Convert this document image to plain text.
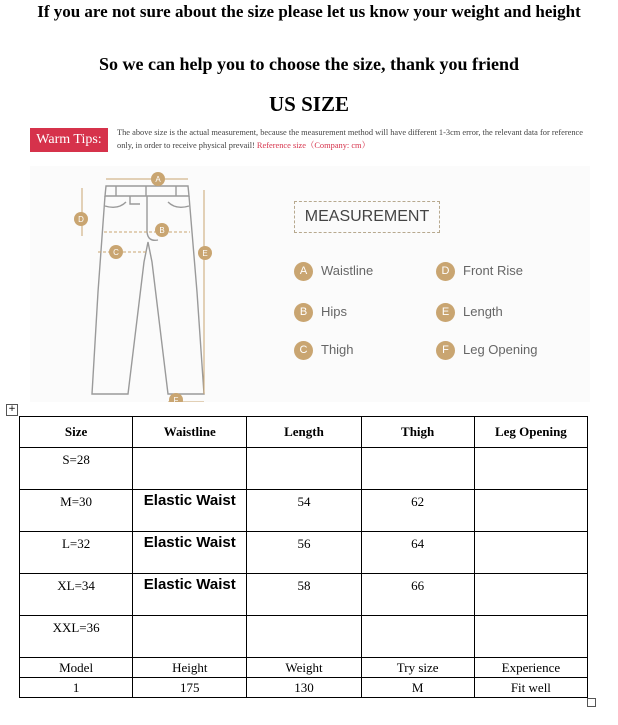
If you are not sure about the size please let us know your weight and height
So we can help you to choose the size, thank you friend
US SIZE
Warm Tips:	The above size is the actual measurement, because the measurement method will have different 1-3cm error, the relevant data for reference only, in order to receive physical prevail! Reference size（Company: cm）
A
B
C
D
E
F
MEASUREMENT
A	Waistline
B	Hips
C	Thigh
D	Front Rise
E	Length
F	Leg Opening
+
Size	Waistline	Length	Thigh	Leg Opening
S=28				
M=30	Elastic Waist	54	62	
L=32	Elastic Waist	56	64	
XL=34	Elastic Waist	58	66	
XXL=36				
Model	Height	Weight	Try size	Experience
1	175	130	M	Fit well
